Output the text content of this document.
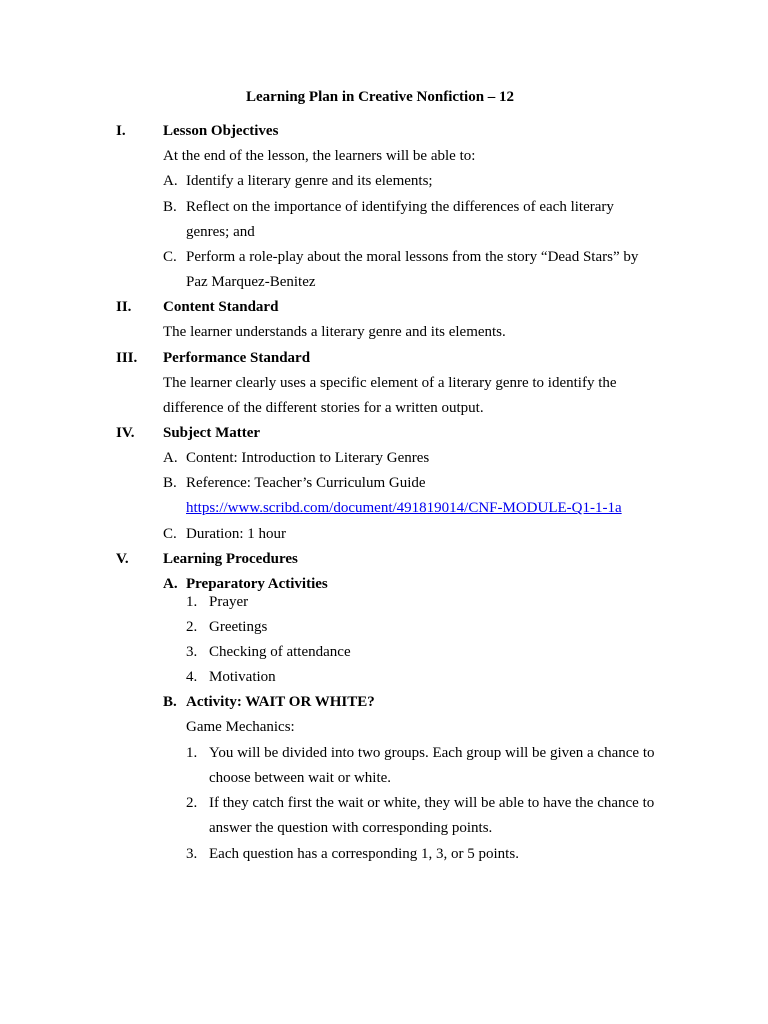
Learning Plan in Creative Nonfiction – 12
I. Lesson Objectives
At the end of the lesson, the learners will be able to:
A. Identify a literary genre and its elements;
B. Reflect on the importance of identifying the differences of each literary
genres; and
C. Perform a role-play about the moral lessons from the story “Dead Stars” by
Paz Marquez-Benitez
II. Content Standard
The learner understands a literary genre and its elements.
III. Performance Standard
The learner clearly uses a specific element of a literary genre to identify the
difference of the different stories for a written output.
IV. Subject Matter
A. Content: Introduction to Literary Genres
B. Reference: Teacher’s Curriculum Guide
https://www.scribd.com/document/491819014/CNF-MODULE-Q1-1-1a
C. Duration: 1 hour
V. Learning Procedures
A. Preparatory Activities
1. Prayer
2. Greetings
3. Checking of attendance
4. Motivation
B. Activity: WAIT OR WHITE?
Game Mechanics:
1. You will be divided into two groups. Each group will be given a chance to
choose between wait or white.
2. If they catch first the wait or white, they will be able to have the chance to
answer the question with corresponding points.
3. Each question has a corresponding 1, 3, or 5 points.
